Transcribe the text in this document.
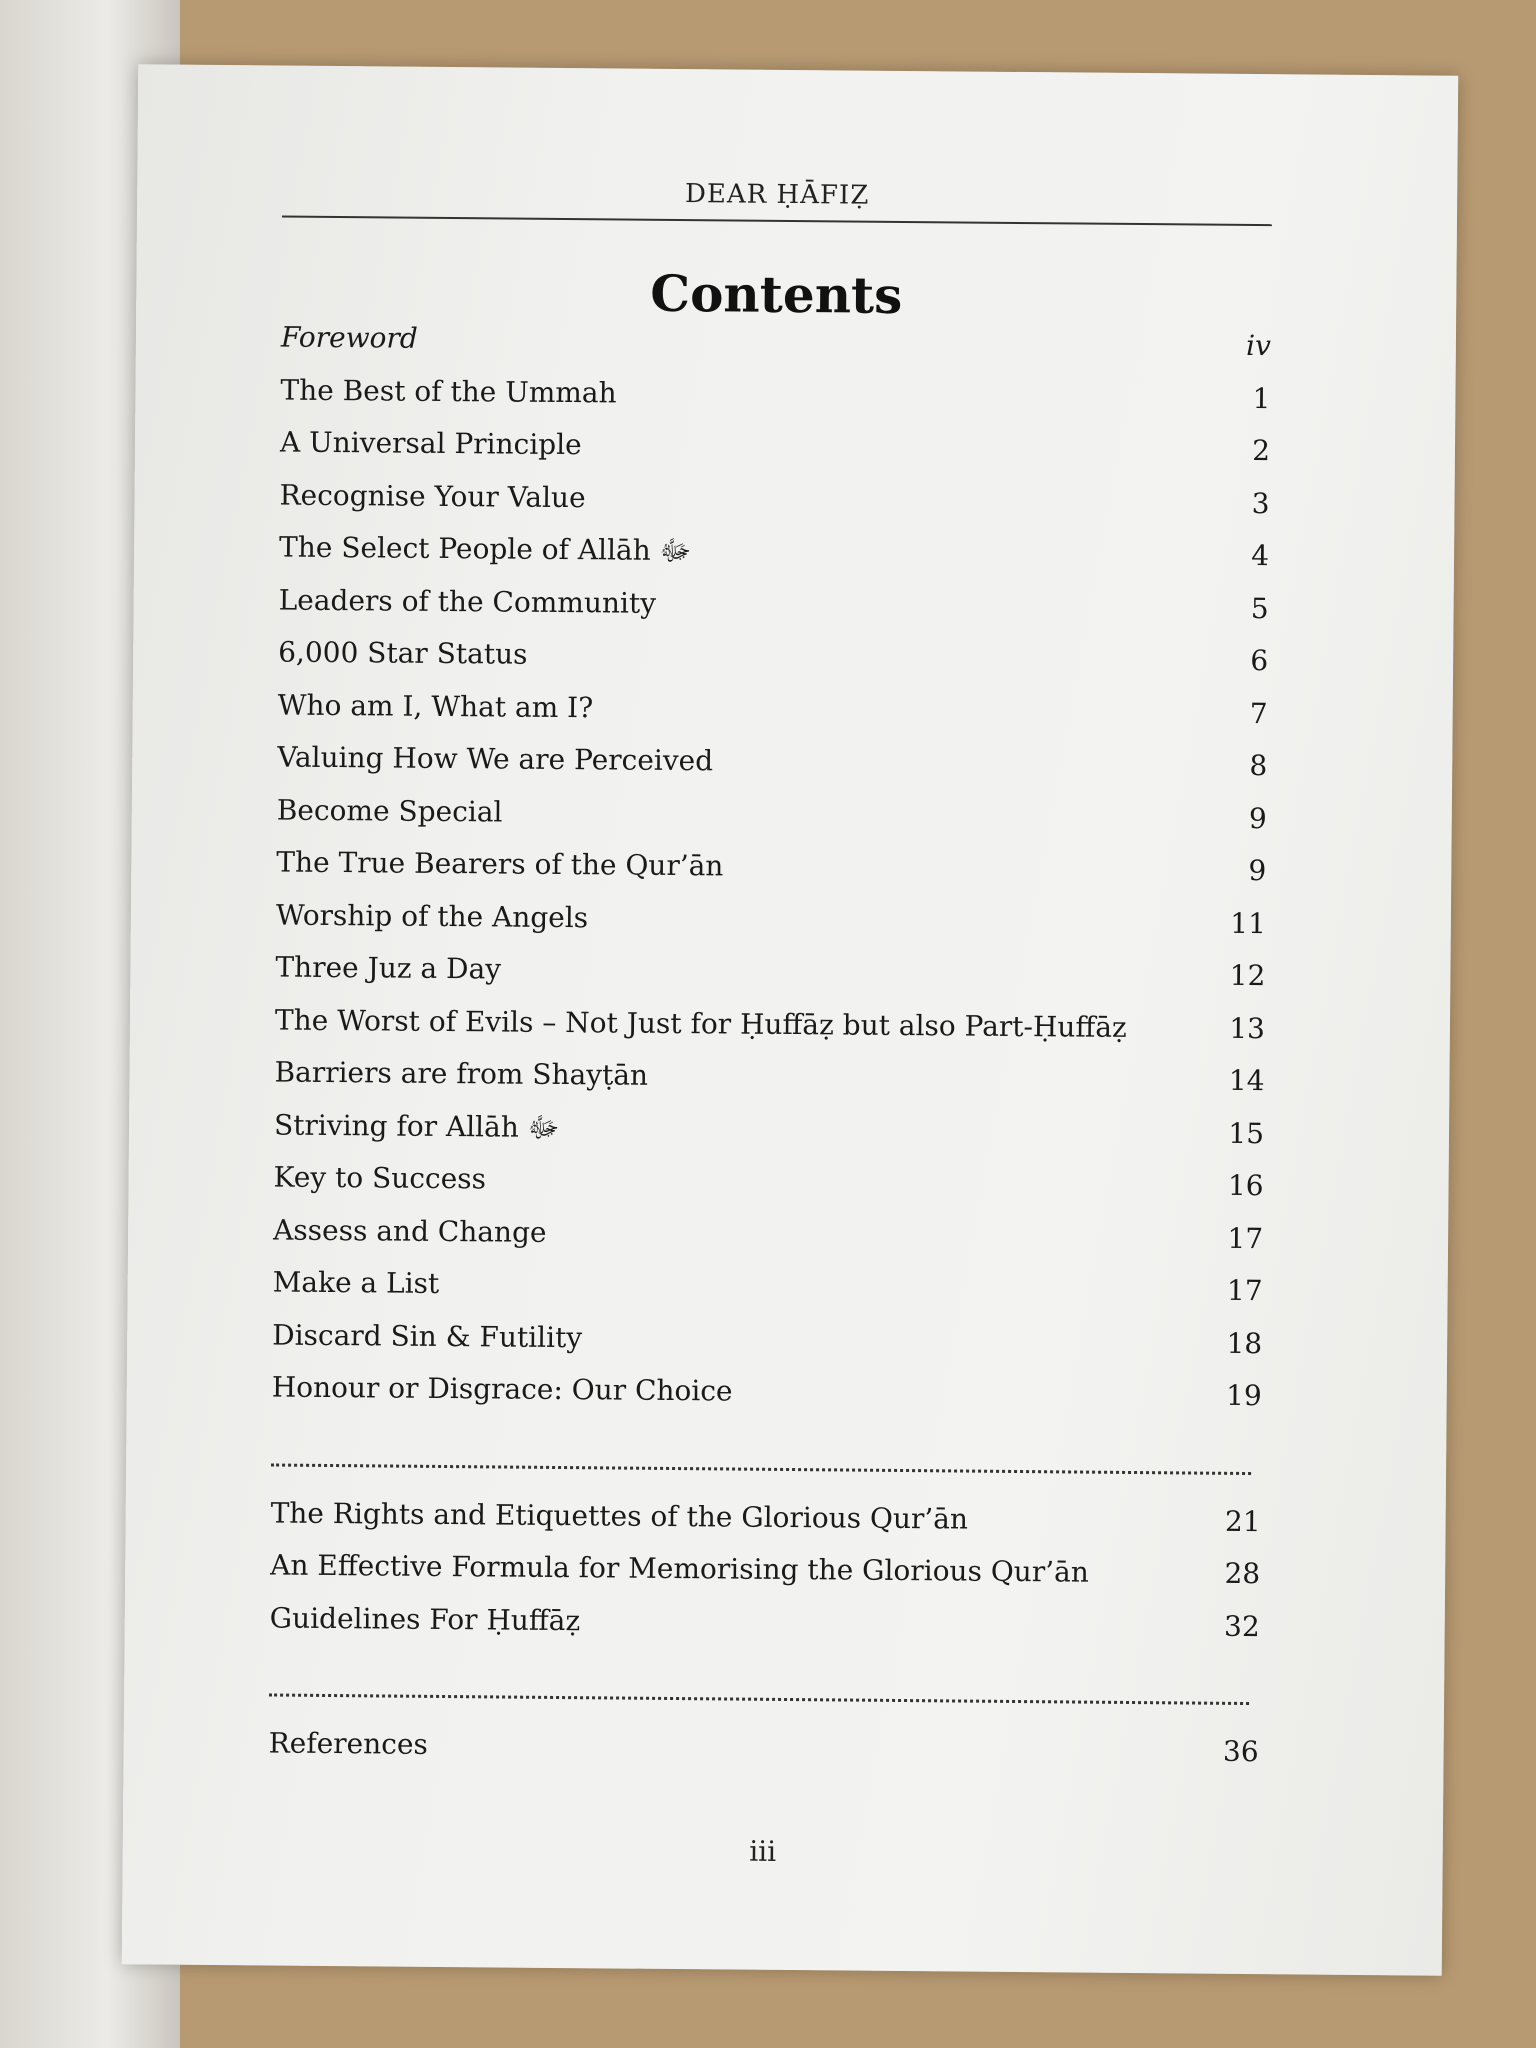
DEAR ḤĀFIẒ
Contents
Foreword	iv
The Best of the Ummah	1
A Universal Principle	2
Recognise Your Value	3
The Select People of Allāh ﷻ	4
Leaders of the Community	5
6,000 Star Status	6
Who am I, What am I?	7
Valuing How We are Perceived	8
Become Special	9
The True Bearers of the Qur’ān	9
Worship of the Angels	11
Three Juz a Day	12
The Worst of Evils – Not Just for Ḥuffāẓ but also Part-Ḥuffāẓ	13
Barriers are from Shayṭān	14
Striving for Allāh ﷻ	15
Key to Success	16
Assess and Change	17
Make a List	17
Discard Sin & Futility	18
Honour or Disgrace: Our Choice	19
The Rights and Etiquettes of the Glorious Qur’ān	21
An Effective Formula for Memorising the Glorious Qur’ān	28
Guidelines For Ḥuffāẓ	32
References	36
iii
